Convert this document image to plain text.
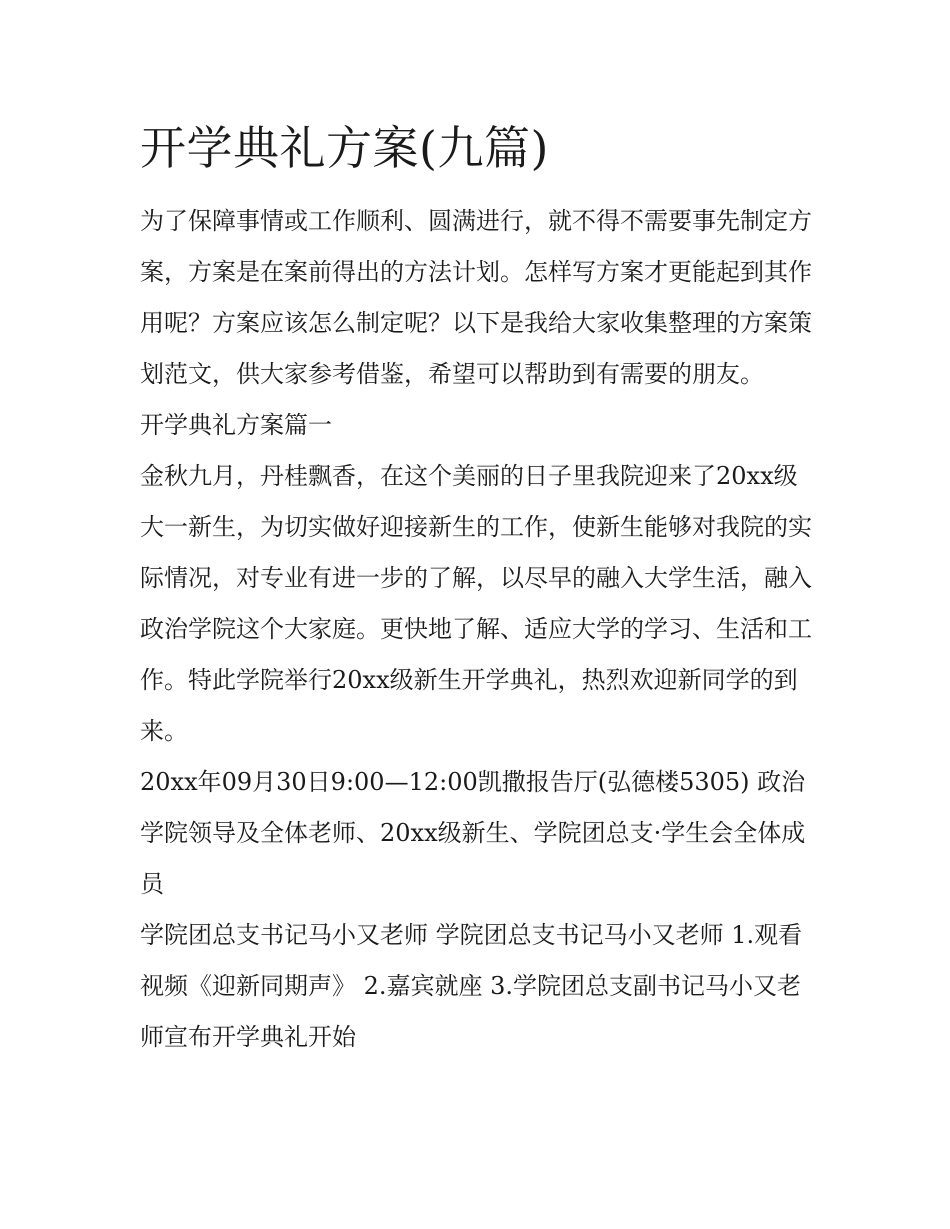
开学典礼方案(九篇)

为了保障事情或工作顺利、圆满进行，就不得不需要事先制定方案，方案是在案前得出的方法计划。怎样写方案才更能起到其作用呢？方案应该怎么制定呢？以下是我给大家收集整理的方案策划范文，供大家参考借鉴，希望可以帮助到有需要的朋友。

开学典礼方案篇一

金秋九月，丹桂飘香，在这个美丽的日子里我院迎来了20xx级大一新生，为切实做好迎接新生的工作，使新生能够对我院的实际情况，对专业有进一步的了解，以尽早的融入大学生活，融入政治学院这个大家庭。更快地了解、适应大学的学习、生活和工作。特此学院举行20xx级新生开学典礼，热烈欢迎新同学的到来。

20xx年09月30日9:00—12:00凯撒报告厅(弘德楼5305) 政治学院领导及全体老师、20xx级新生、学院团总支·学生会全体成员

学院团总支书记马小又老师 学院团总支书记马小又老师 1.观看视频《迎新同期声》 2.嘉宾就座 3.学院团总支副书记马小又老师宣布开学典礼开始
